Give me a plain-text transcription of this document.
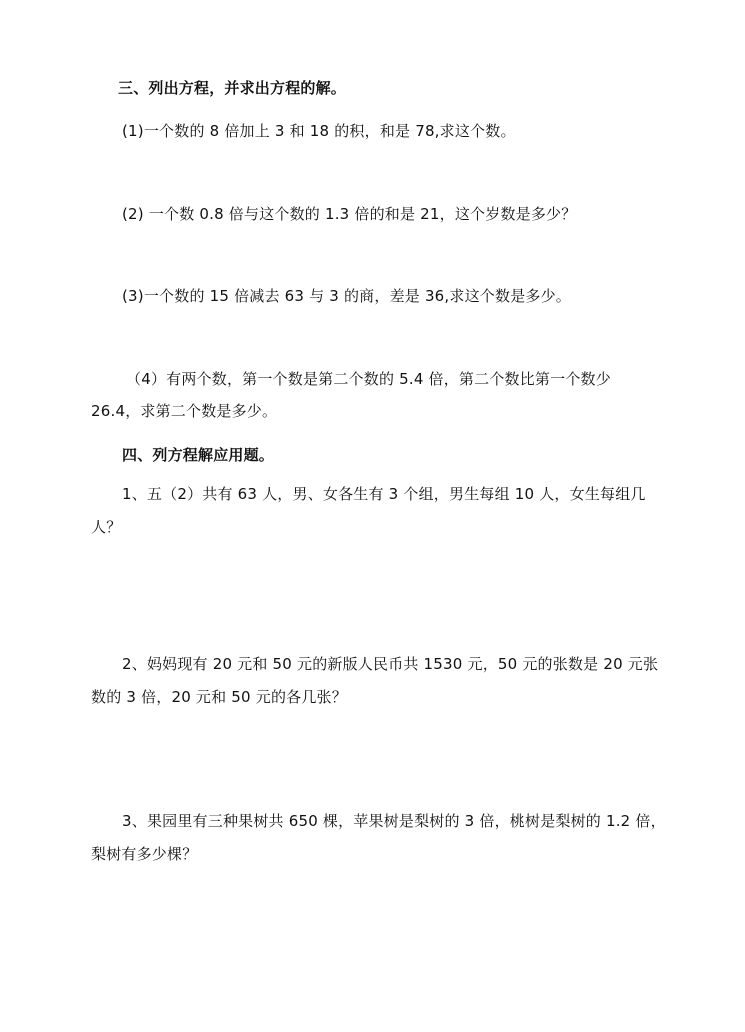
三、列出方程，并求出方程的解。
(1)一个数的 8 倍加上 3 和 18 的积，和是 78,求这个数。
(2) 一个数 0.8 倍与这个数的 1.3 倍的和是 21，这个岁数是多少？
(3)一个数的 15 倍减去 63 与 3 的商，差是 36,求这个数是多少。
（4）有两个数，第一个数是第二个数的 5.4 倍，第二个数比第一个数少
26.4，求第二个数是多少。
四、列方程解应用题。
1、五（2）共有 63 人，男、女各生有 3 个组，男生每组 10 人，女生每组几
人？
2、妈妈现有 20 元和 50 元的新版人民币共 1530 元，50 元的张数是 20 元张
数的 3 倍，20 元和 50 元的各几张？
3、果园里有三种果树共 650 棵，苹果树是梨树的 3 倍，桃树是梨树的 1.2 倍，
梨树有多少棵？
